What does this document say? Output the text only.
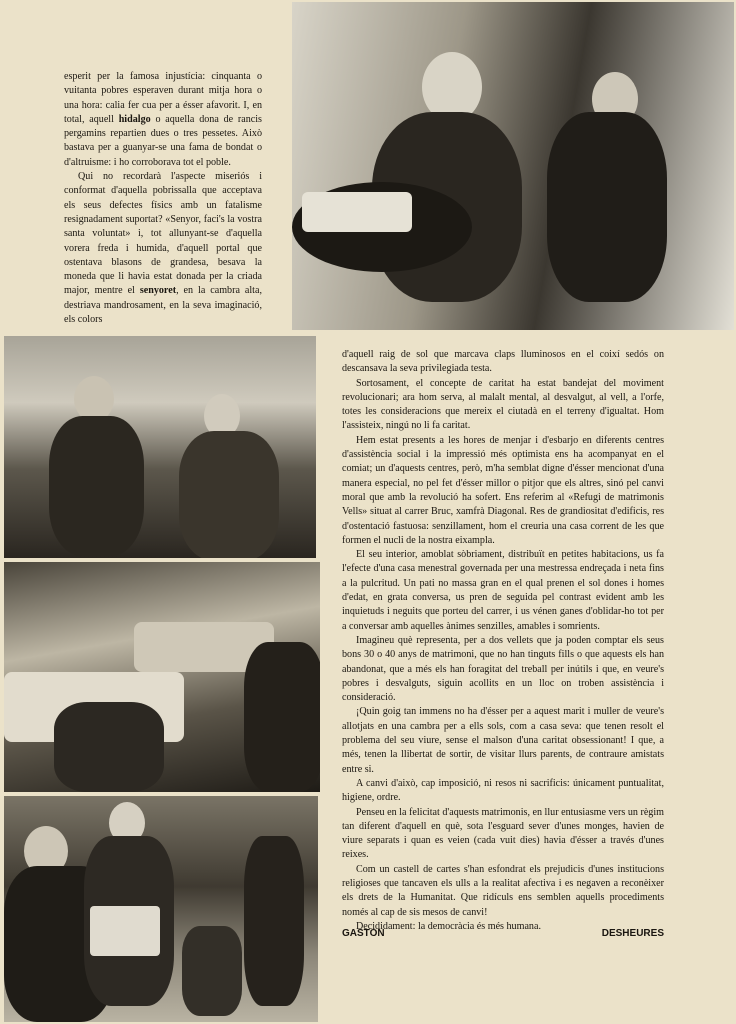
esperit per la famosa injustícia: cinquanta o vuitanta pobres esperaven durant mitja hora o una hora: calia fer cua per a ésser afavorit. I, en total, aquell hidalgo o aquella dona de rancis pergamins repartien dues o tres pessetes. Això bastava per a guanyar-se una fama de bondat o d'altruisme: i ho corroborava tot el poble.

Qui no recordarà l'aspecte miseriós i conformat d'aquella pobrissalla que acceptava els seus defectes físics amb un fatalisme resignadament suportat? «Senyor, faci's la vostra santa voluntat» i, tot allunyant-se d'aquella vorera freda i humida, d'aquell portal que ostentava blasons de grandesa, besava la moneda que li havia estat donada per la criada major, mentre el senyoret, en la cambra alta, destriava mandrosament, en la seva imaginació, els colors

d'aquell raig de sol que marcava claps lluminosos en el coixí sedós on descansava la seva privilegiada testa.

Sortosament, el concepte de caritat ha estat bandejat del moviment revolucionari; ara hom serva, al malalt mental, al desvalgut, al vell, a l'orfe, totes les consideracions que mereix el ciutadà en el terreny d'igualtat. Hom l'assisteix, ningú no li fa caritat.

Hem estat presents a les hores de menjar i d'esbarjo en diferents centres d'assistència social i la impressió més optimista ens ha acompanyat en el comiat; un d'aquests centres, però, m'ha semblat digne d'ésser mencionat d'una manera especial, no pel fet d'ésser millor o pitjor que els altres, sinó pel canvi moral que amb la revolució ha sofert. Ens referim al «Refugi de matrimonis Vells» situat al carrer Bruc, xamfrà Diagonal. Res de grandiositat d'edificis, res d'ostentació fastuosa: senzillament, hom el creuria una casa corrent de les que formen el nucli de la nostra eixampla.

El seu interior, amoblat sòbriament, distribuït en petites habitacions, us fa l'efecte d'una casa menestral governada per una mestressa endreçada i neta fins a la pulcritud. Un pati no massa gran en el qual prenen el sol dones i homes d'edat, en grata conversa, us pren de seguida pel contrast evident amb les inquietuds i neguits que porteu del carrer, i us vénen ganes d'oblidar-ho tot per a conversar amb aquelles ànimes senzilles, amables i somrients.

Imagineu què representa, per a dos vellets que ja poden comptar els seus bons 30 o 40 anys de matrimoni, que no han tinguts fills o que aquests els han abandonat, que a més els han foragitat del treball per inútils i que, en veure's pobres i desvalguts, siguin acollits en un lloc on troben assistència i consideració.

¡Quin goig tan immens no ha d'ésser per a aquest marit i muller de veure's allotjats en una cambra per a ells sols, com a casa seva: que tenen resolt el problema del seu viure, sense el malson d'una caritat obsessionant! I que, a més, tenen la llibertat de sortir, de visitar llurs parents, de contraure amistats entre si.

A canvi d'això, cap imposició, ni resos ni sacrificis: únicament puntualitat, higiene, ordre.

Penseu en la felicitat d'aquests matrimonis, en llur entusiasme vers un règim tan diferent d'aquell en què, sota l'esguard sever d'unes monges, havien de viure separats i quan es veien (cada vuit dies) havia d'ésser a través d'unes reixes.

Com un castell de cartes s'han esfondrat els prejudicis d'unes institucions religioses que tancaven els ulls a la realitat afectiva i es negaven a reconèixer els drets de la Humanitat. Que ridículs ens semblen aquells procediments només al cap de sis mesos de canvi!

Decididament: la democràcia és més humana.

GASTON	DESHEURES
